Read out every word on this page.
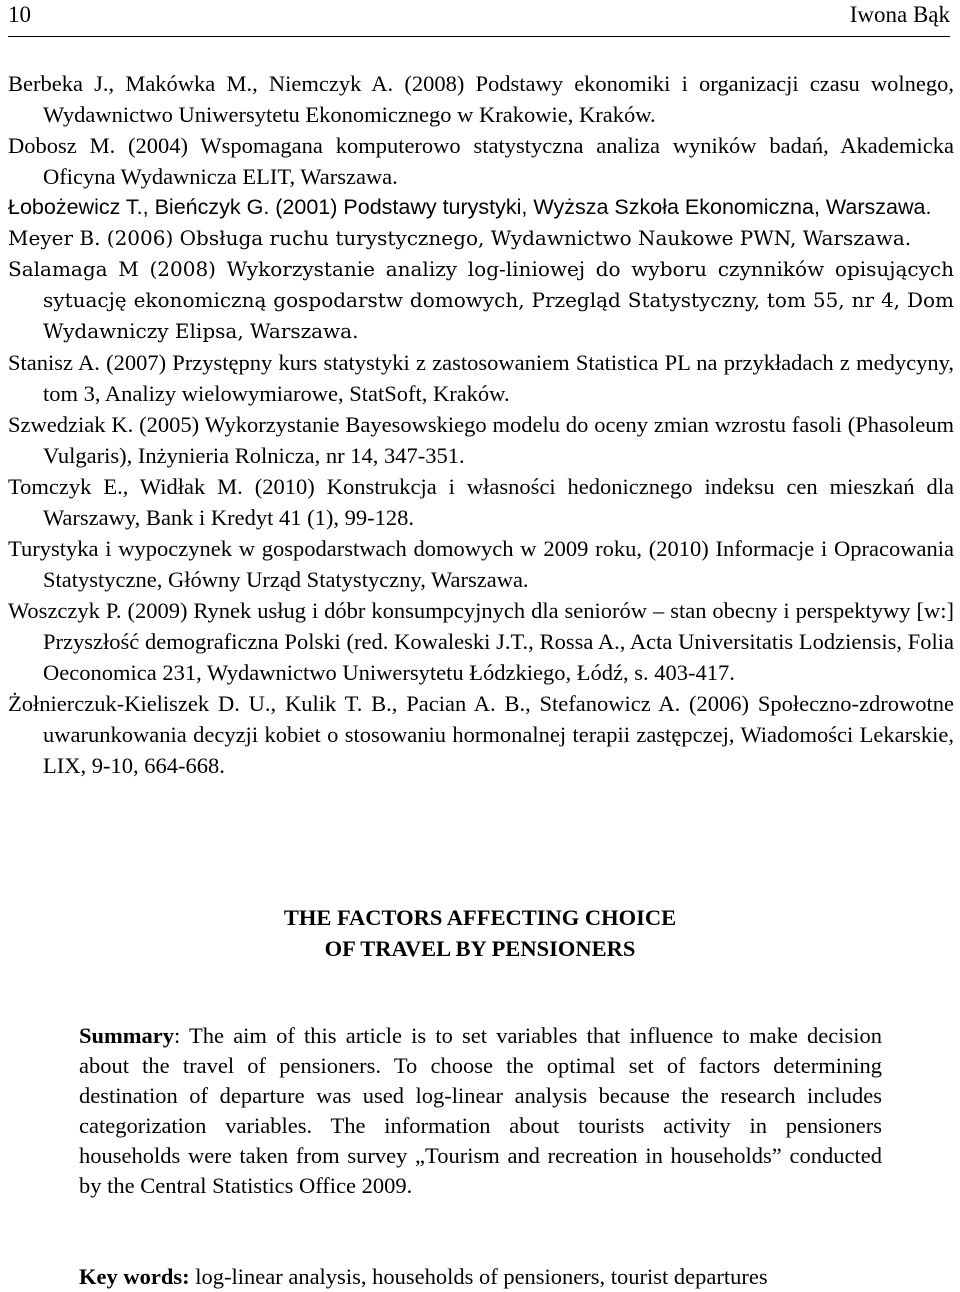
10	Iwona Bąk
Berbeka J., Makówka M., Niemczyk A. (2008) Podstawy ekonomiki i organizacji czasu wolnego, Wydawnictwo Uniwersytetu Ekonomicznego w Krakowie, Kraków.
Dobosz M. (2004) Wspomagana komputerowo statystyczna analiza wyników badań, Akademicka Oficyna Wydawnicza ELIT, Warszawa.
Łobożewicz T., Bieńczyk G. (2001) Podstawy turystyki, Wyższa Szkoła Ekonomiczna, Warszawa.
Meyer B. (2006) Obsługa ruchu turystycznego, Wydawnictwo Naukowe PWN, Warszawa.
Salamaga M (2008) Wykorzystanie analizy log-liniowej do wyboru czynników opisujących sytuację ekonomiczną gospodarstw domowych, Przegląd Statystyczny, tom 55, nr 4, Dom Wydawniczy Elipsa, Warszawa.
Stanisz A. (2007) Przystępny kurs statystyki z zastosowaniem Statistica PL na przykładach z medycyny, tom 3, Analizy wielowymiarowe, StatSoft, Kraków.
Szwedziak K. (2005) Wykorzystanie Bayesowskiego modelu do oceny zmian wzrostu fasoli (Phasoleum Vulgaris), Inżynieria Rolnicza, nr 14, 347-351.
Tomczyk E., Widłak M. (2010) Konstrukcja i własności hedonicznego indeksu cen mieszkań dla Warszawy, Bank i Kredyt 41 (1), 99-128.
Turystyka i wypoczynek w gospodarstwach domowych w 2009 roku, (2010) Informacje i Opracowania Statystyczne, Główny Urząd Statystyczny, Warszawa.
Woszczyk P. (2009) Rynek usług i dóbr konsumpcyjnych dla seniorów – stan obecny i perspektywy [w:] Przyszłość demograficzna Polski (red. Kowaleski J.T., Rossa A., Acta Universitatis Lodziensis, Folia Oeconomica 231, Wydawnictwo Uniwersytetu Łódzkiego, Łódź, s. 403-417.
Żołnierczuk-Kieliszek D. U., Kulik T. B., Pacian A. B., Stefanowicz A. (2006) Społeczno-zdrowotne uwarunkowania decyzji kobiet o stosowaniu hormonalnej terapii zastępczej, Wiadomości Lekarskie, LIX, 9-10, 664-668.
THE FACTORS AFFECTING CHOICE
OF TRAVEL BY PENSIONERS

Summary: The aim of this article is to set variables that influence to make decision about the travel of pensioners. To choose the optimal set of factors determining destination of departure was used log-linear analysis because the research includes categorization variables. The information about tourists activity in pensioners households were taken from survey „Tourism and recreation in households” conducted by the Central Statistics Office 2009.

Key words: log-linear analysis, households of pensioners, tourist departures
